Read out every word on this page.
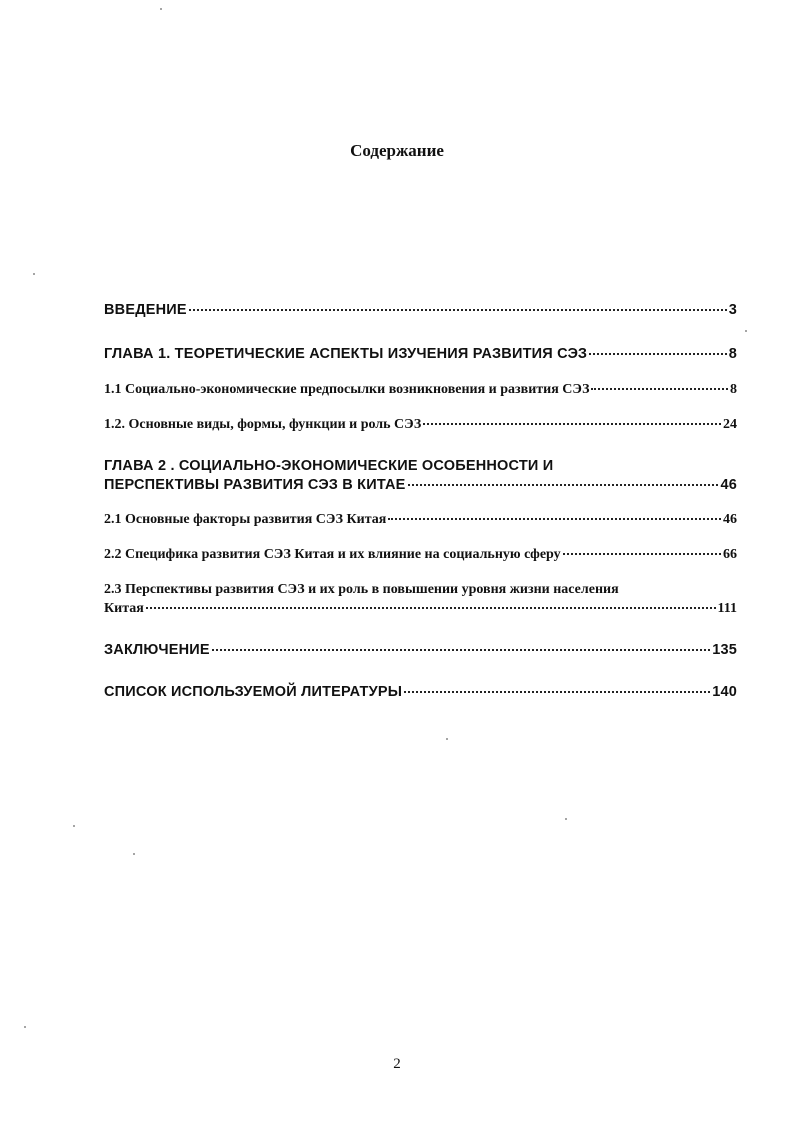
Содержание
ВВЕДЕНИЕ	3
ГЛАВА 1. ТЕОРЕТИЧЕСКИЕ АСПЕКТЫ ИЗУЧЕНИЯ РАЗВИТИЯ СЭЗ	8
1.1 Социально-экономические предпосылки возникновения и развития СЭЗ	8
1.2. Основные виды, формы, функции и роль СЭЗ	24
ГЛАВА 2 . СОЦИАЛЬНО-ЭКОНОМИЧЕСКИЕ ОСОБЕННОСТИ И
ПЕРСПЕКТИВЫ РАЗВИТИЯ СЭЗ В КИТАЕ	46
2.1 Основные факторы развития СЭЗ Китая	46
2.2 Специфика развития СЭЗ Китая и их влияние на социальную сферу	66
2.3 Перспективы развития СЭЗ и их роль в повышении уровня жизни населения
Китая	111
ЗАКЛЮЧЕНИЕ	135
СПИСОК ИСПОЛЬЗУЕМОЙ ЛИТЕРАТУРЫ	140
2
